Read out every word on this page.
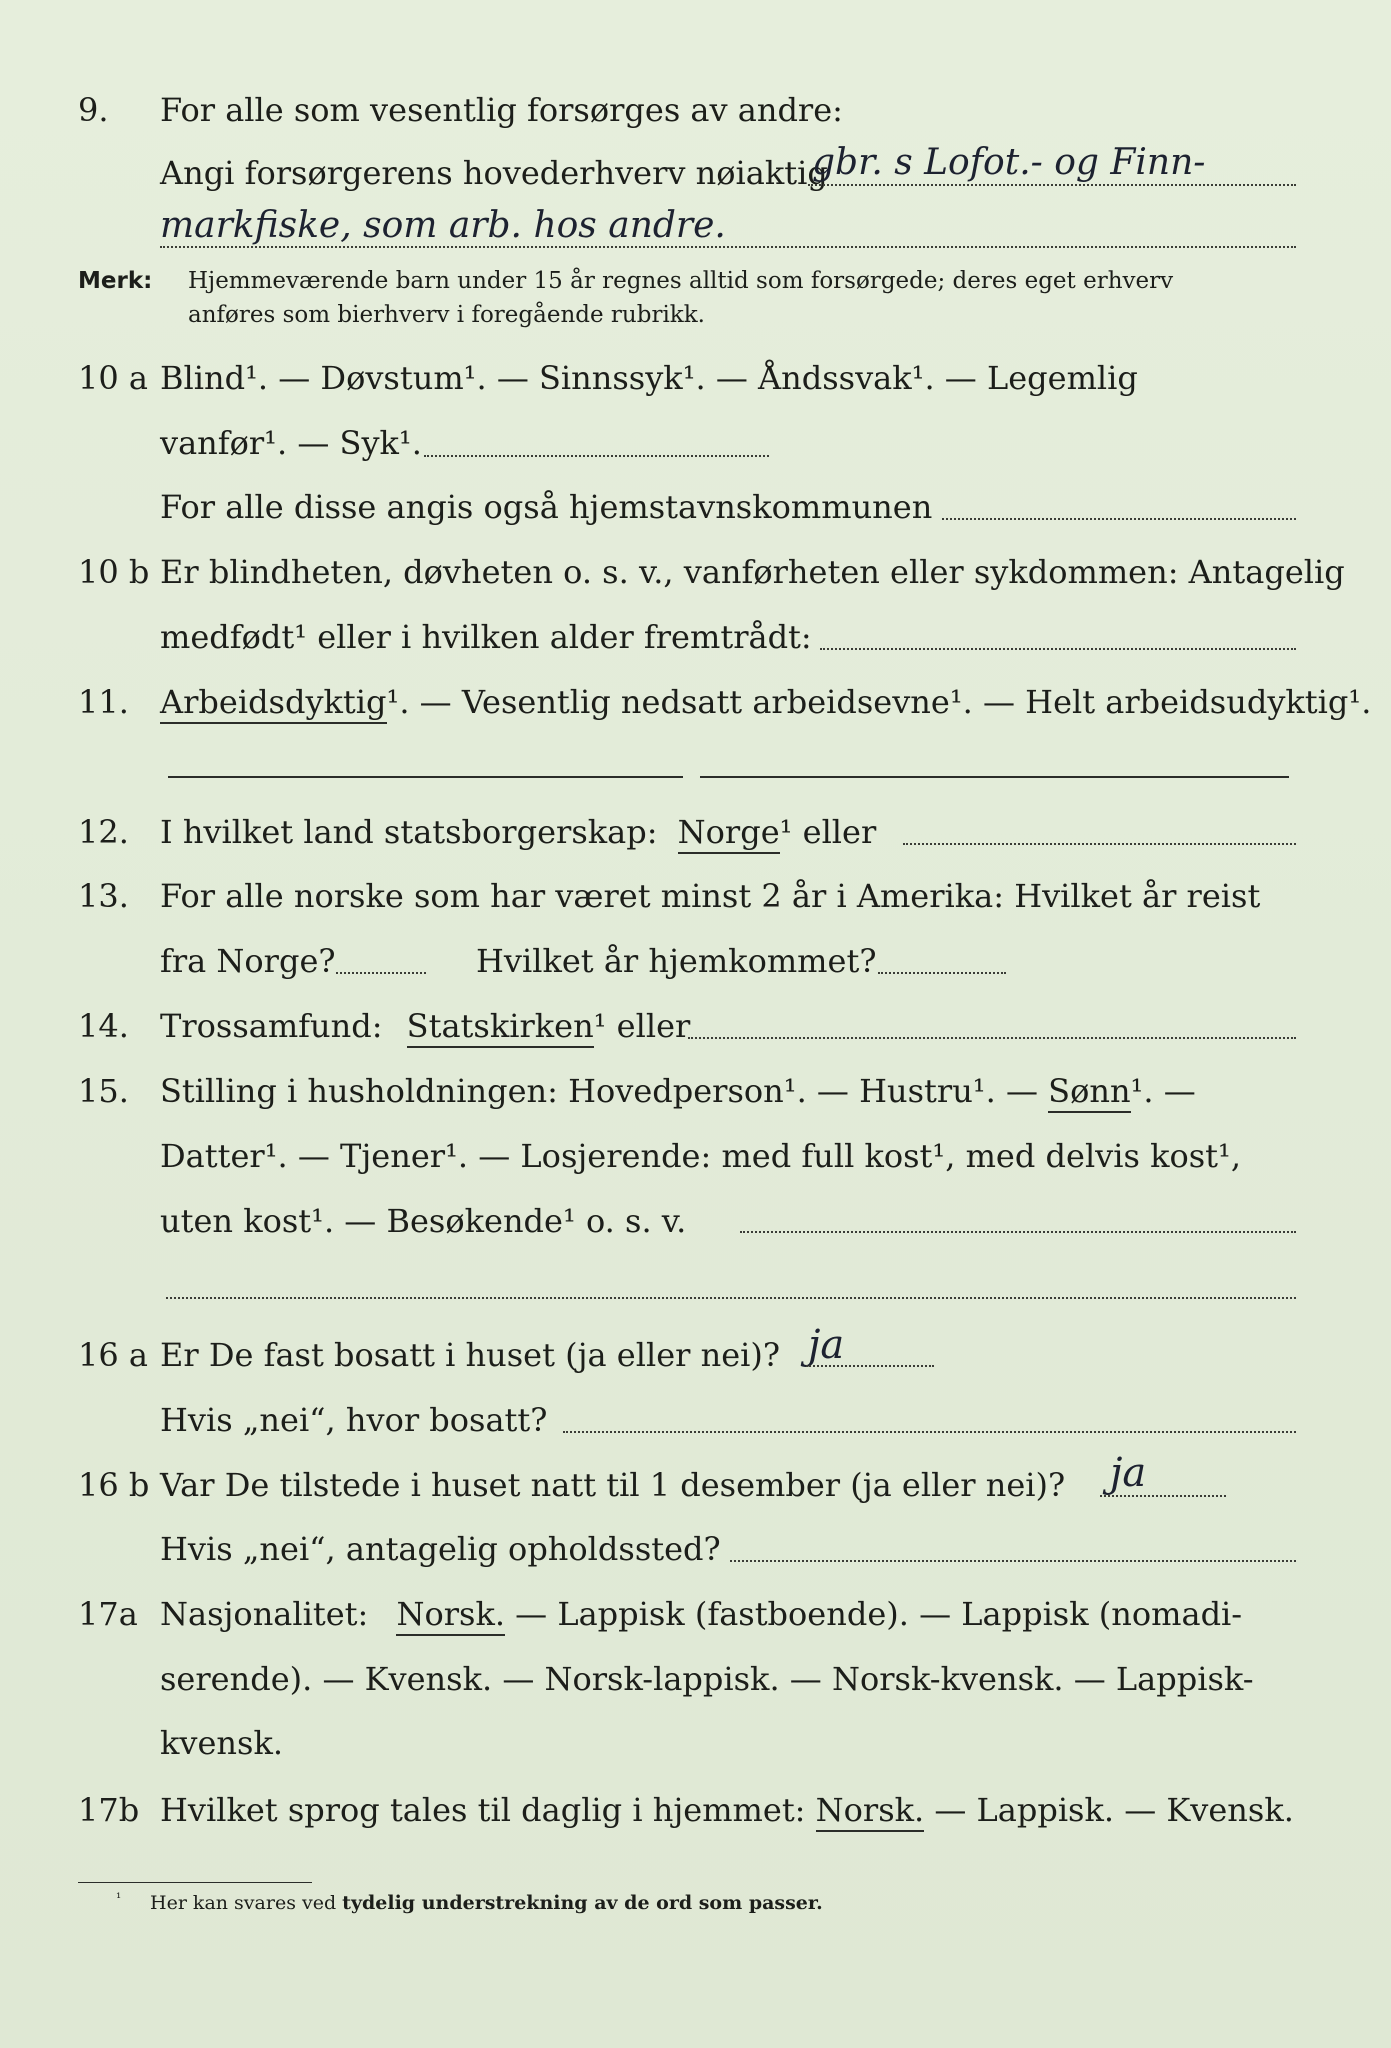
9.	For alle som vesentlig forsørges av andre:
Angi forsørgerens hovederhverv nøiaktig
gbr. s Lofot.- og Finn-
markfiske, som arb. hos andre.
Merk: Hjemmeværende barn under 15 år regnes alltid som forsørgede; deres eget erhverv
anføres som bierhverv i foregående rubrikk.
10 a Blind¹. — Døvstum¹. — Sinnssyk¹. — Åndssvak¹. — Legemlig
vanfør¹. — Syk¹.
For alle disse angis også hjemstavnskommunen
10 b Er blindheten, døvheten o. s. v., vanførheten eller sykdommen: Antagelig
medfødt¹ eller i hvilken alder fremtrådt:
11. Arbeidsdyktig¹. — Vesentlig nedsatt arbeidsevne¹. — Helt arbeidsudyktig¹.
12. I hvilket land statsborgerskap: Norge¹ eller
13. For alle norske som har været minst 2 år i Amerika: Hvilket år reist
fra Norge?	Hvilket år hjemkommet?
14. Trossamfund: Statskirken¹ eller
15. Stilling i husholdningen: Hovedperson¹. — Hustru¹. — Sønn¹. —
Datter¹. — Tjener¹. — Losjerende: med full kost¹, med delvis kost¹,
uten kost¹. — Besøkende¹ o. s. v.
16 a Er De fast bosatt i huset (ja eller nei)? ja
Hvis „nei“, hvor bosatt?
16 b Var De tilstede i huset natt til 1 desember (ja eller nei)? ja
Hvis „nei“, antagelig opholdssted?
17a Nasjonalitet: Norsk. — Lappisk (fastboende). — Lappisk (nomadi-
serende). — Kvensk. — Norsk-lappisk. — Norsk-kvensk. — Lappisk-
kvensk.
17b Hvilket sprog tales til daglig i hjemmet: Norsk. — Lappisk. — Kvensk.
¹ Her kan svares ved tydelig understrekning av de ord som passer.
